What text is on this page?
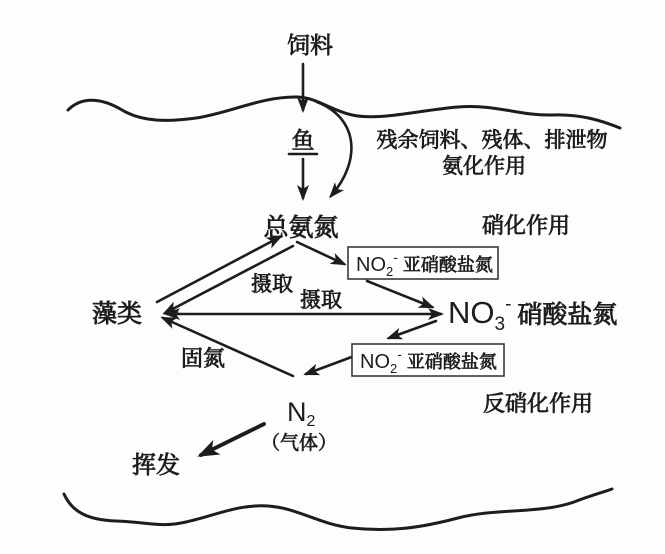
饲料
鱼	残余饲料、残体、排泄物
氨化作用
总氨氮	硝化作用
摄取
摄取
藻类
固氮
反硝化作用
挥发
（气体）
$NO_2^-$ 亚硝酸盐氮
$NO_2^-$ 亚硝酸盐氮
$NO_3^-$ $_{硝酸盐氮}$
N2
